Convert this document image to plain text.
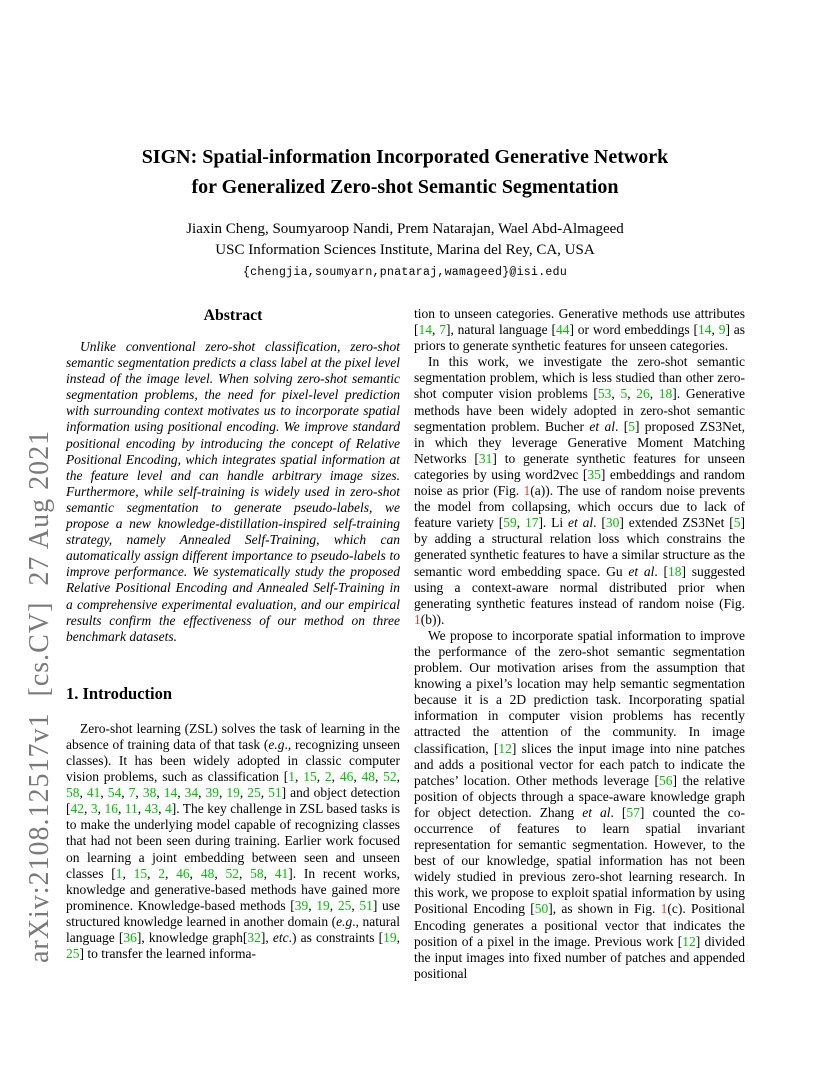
arXiv:2108.12517v1  [cs.CV]  27 Aug 2021
SIGN: Spatial-information Incorporated Generative Network
for Generalized Zero-shot Semantic Segmentation
Jiaxin Cheng, Soumyaroop Nandi, Prem Natarajan, Wael Abd-Almageed
USC Information Sciences Institute, Marina del Rey, CA, USA
{chengjia,soumyarn,pnataraj,wamageed}@isi.edu
Abstract

Unlike conventional zero-shot classification, zero-shot semantic segmentation predicts a class label at the pixel level instead of the image level. When solving zero-shot semantic segmentation problems, the need for pixel-level prediction with surrounding context motivates us to incorporate spatial information using positional encoding. We improve standard positional encoding by introducing the concept of Relative Positional Encoding, which integrates spatial information at the feature level and can handle arbitrary image sizes. Furthermore, while self-training is widely used in zero-shot semantic segmentation to generate pseudo-labels, we propose a new knowledge-distillation-inspired self-training strategy, namely Annealed Self-Training, which can automatically assign different importance to pseudo-labels to improve performance. We systematically study the proposed Relative Positional Encoding and Annealed Self-Training in a comprehensive experimental evaluation, and our empirical results confirm the effectiveness of our method on three benchmark datasets.

1. Introduction

Zero-shot learning (ZSL) solves the task of learning in the absence of training data of that task (e.g., recognizing unseen classes). It has been widely adopted in classic computer vision problems, such as classification [1, 15, 2, 46, 48, 52, 58, 41, 54, 7, 38, 14, 34, 39, 19, 25, 51] and object detection [42, 3, 16, 11, 43, 4]. The key challenge in ZSL based tasks is to make the underlying model capable of recognizing classes that had not been seen during training. Earlier work focused on learning a joint embedding between seen and unseen classes [1, 15, 2, 46, 48, 52, 58, 41]. In recent works, knowledge and generative-based methods have gained more prominence. Knowledge-based methods [39, 19, 25, 51] use structured knowledge learned in another domain (e.g., natural language [36], knowledge graph[32], etc.) as constraints [19, 25] to transfer the learned informa-

tion to unseen categories. Generative methods use attributes [14, 7], natural language [44] or word embeddings [14, 9] as priors to generate synthetic features for unseen categories.

In this work, we investigate the zero-shot semantic segmentation problem, which is less studied than other zero-shot computer vision problems [53, 5, 26, 18]. Generative methods have been widely adopted in zero-shot semantic segmentation problem. Bucher et al. [5] proposed ZS3Net, in which they leverage Generative Moment Matching Networks [31] to generate synthetic features for unseen categories by using word2vec [35] embeddings and random noise as prior (Fig. 1(a)). The use of random noise prevents the model from collapsing, which occurs due to lack of feature variety [59, 17]. Li et al. [30] extended ZS3Net [5] by adding a structural relation loss which constrains the generated synthetic features to have a similar structure as the semantic word embedding space. Gu et al. [18] suggested using a context-aware normal distributed prior when generating synthetic features instead of random noise (Fig. 1(b)).

We propose to incorporate spatial information to improve the performance of the zero-shot semantic segmentation problem. Our motivation arises from the assumption that knowing a pixel’s location may help semantic segmentation because it is a 2D prediction task. Incorporating spatial information in computer vision problems has recently attracted the attention of the community. In image classification, [12] slices the input image into nine patches and adds a positional vector for each patch to indicate the patches’ location. Other methods leverage [56] the relative position of objects through a space-aware knowledge graph for object detection. Zhang et al. [57] counted the co-occurrence of features to learn spatial invariant representation for semantic segmentation. However, to the best of our knowledge, spatial information has not been widely studied in previous zero-shot learning research. In this work, we propose to exploit spatial information by using Positional Encoding [50], as shown in Fig. 1(c). Positional Encoding generates a positional vector that indicates the position of a pixel in the image. Previous work [12] divided the input images into fixed number of patches and appended positional
